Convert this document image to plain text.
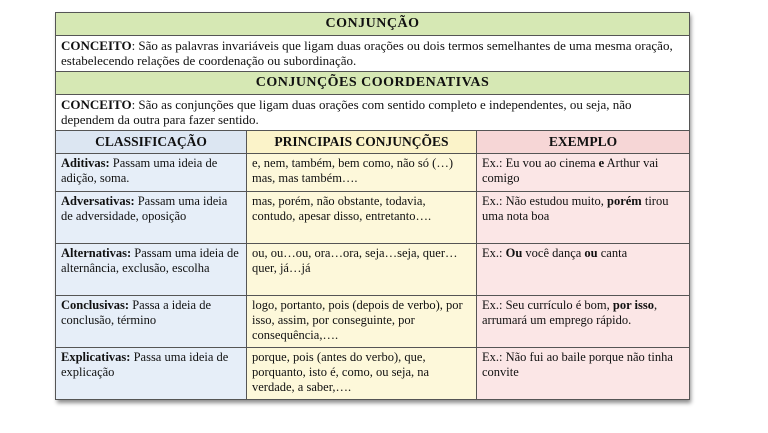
CONJUNÇÃO		
CONCEITO: São as palavras invariáveis que ligam duas orações ou dois termos semelhantes de uma mesma oração, estabelecendo relações de coordenação ou subordinação.		
CONJUNÇÕES COORDENATIVAS		
CONCEITO: São as conjunções que ligam duas orações com sentido completo e independentes, ou seja, não dependem da outra para fazer sentido.		
CLASSIFICAÇÃO	PRINCIPAIS CONJUNÇÕES	EXEMPLO
Aditivas: Passam uma ideia de adição, soma.	e, nem, também, bem como, não só (…) mas, mas também….	Ex.: Eu vou ao cinema e Arthur vai comigo
Adversativas: Passam uma ideia de adversidade, oposição	mas, porém, não obstante, todavia, contudo, apesar disso, entretanto….	Ex.: Não estudou muito, porém tirou uma nota boa
Alternativas: Passam uma ideia de alternância, exclusão, escolha	ou, ou…ou, ora…ora, seja…seja, quer…quer, já…já	Ex.: Ou você dança ou canta
Conclusivas: Passa a ideia de conclusão, término	logo, portanto, pois (depois de verbo), por isso, assim, por conseguinte, por consequência,….	Ex.: Seu currículo é bom, por isso, arrumará um emprego rápido.
Explicativas: Passa uma ideia de explicação	porque, pois (antes do verbo), que, porquanto, isto é, como, ou seja, na verdade, a saber,….	Ex.: Não fui ao baile porque não tinha convite
